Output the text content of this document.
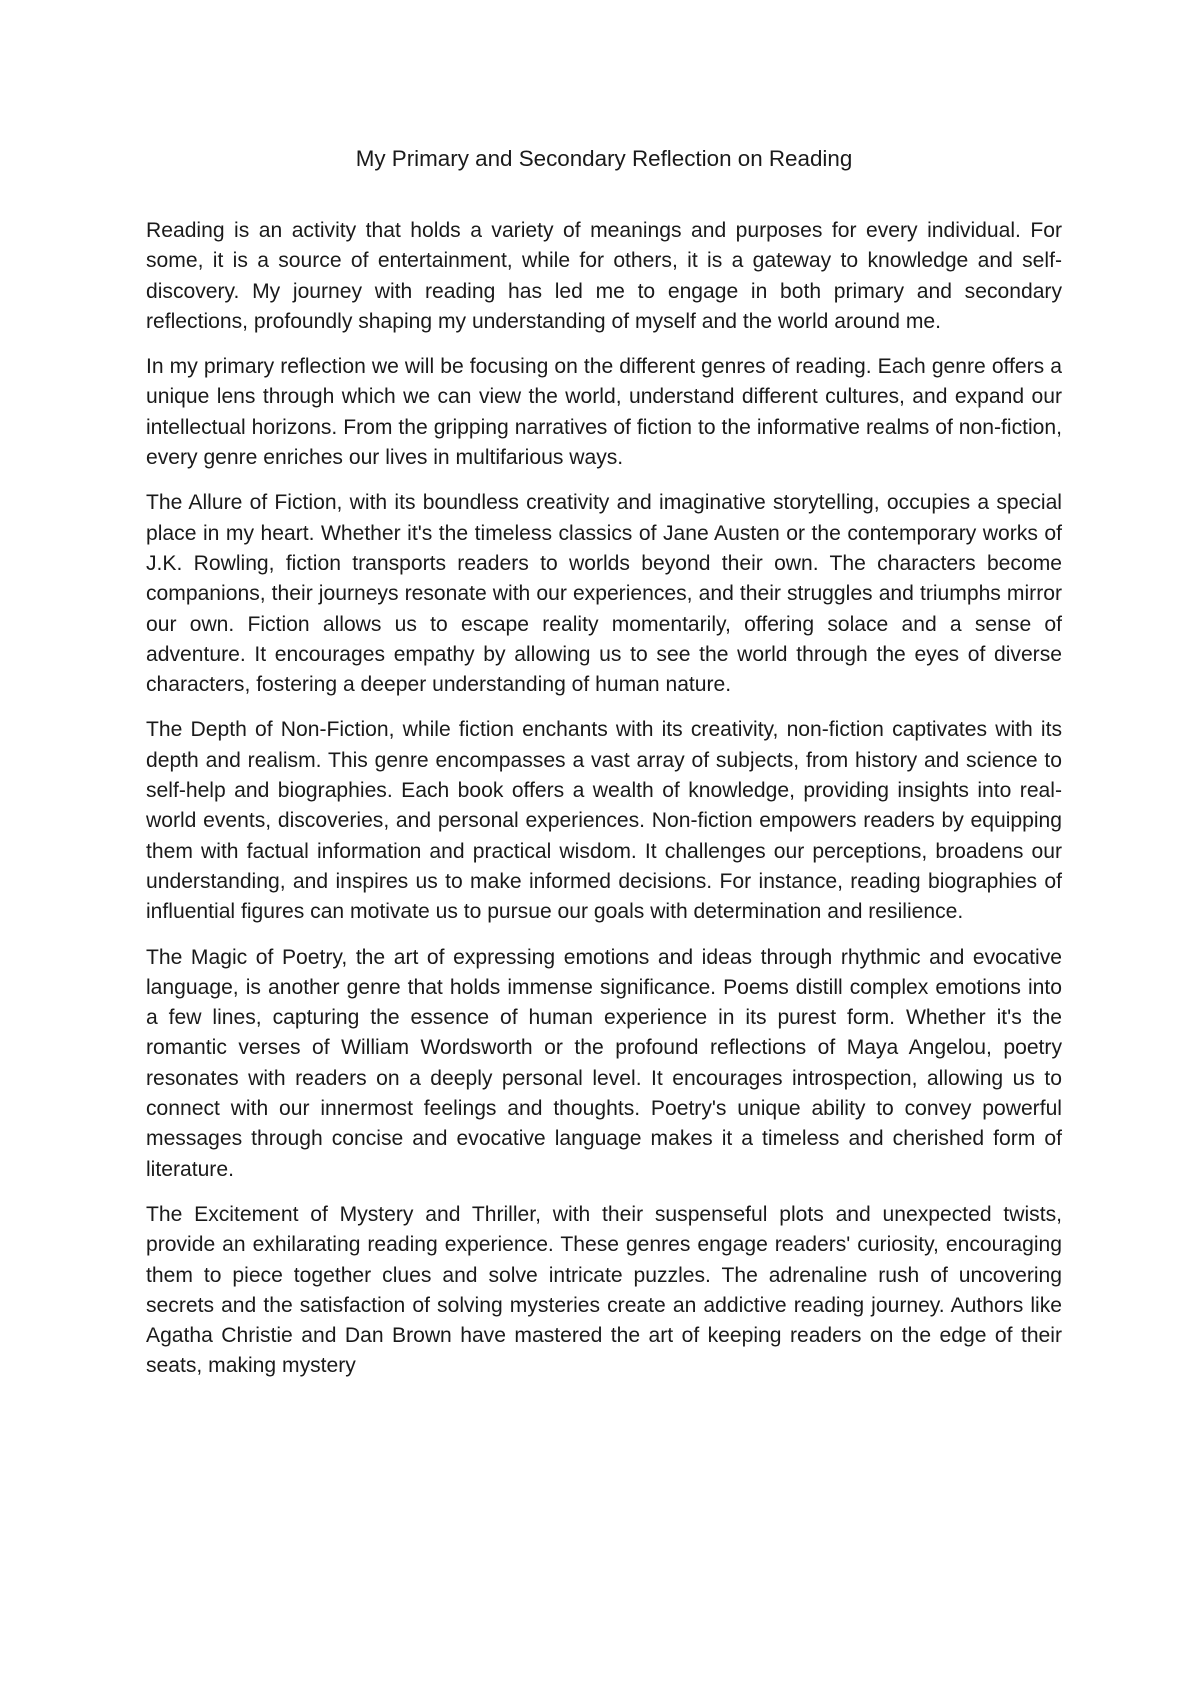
My Primary and Secondary Reflection on Reading

Reading is an activity that holds a variety of meanings and purposes for every individual. For some, it is a source of entertainment, while for others, it is a gateway to knowledge and self-discovery. My journey with reading has led me to engage in both primary and secondary reflections, profoundly shaping my understanding of myself and the world around me.

In my primary reflection we will be focusing on the different genres of reading. Each genre offers a unique lens through which we can view the world, understand different cultures, and expand our intellectual horizons. From the gripping narratives of fiction to the informative realms of non-fiction, every genre enriches our lives in multifarious ways.

The Allure of Fiction, with its boundless creativity and imaginative storytelling, occupies a special place in my heart. Whether it's the timeless classics of Jane Austen or the contemporary works of J.K. Rowling, fiction transports readers to worlds beyond their own. The characters become companions, their journeys resonate with our experiences, and their struggles and triumphs mirror our own. Fiction allows us to escape reality momentarily, offering solace and a sense of adventure. It encourages empathy by allowing us to see the world through the eyes of diverse characters, fostering a deeper understanding of human nature.

The Depth of Non-Fiction, while fiction enchants with its creativity, non-fiction captivates with its depth and realism. This genre encompasses a vast array of subjects, from history and science to self-help and biographies. Each book offers a wealth of knowledge, providing insights into real-world events, discoveries, and personal experiences. Non-fiction empowers readers by equipping them with factual information and practical wisdom. It challenges our perceptions, broadens our understanding, and inspires us to make informed decisions. For instance, reading biographies of influential figures can motivate us to pursue our goals with determination and resilience.

The Magic of Poetry, the art of expressing emotions and ideas through rhythmic and evocative language, is another genre that holds immense significance. Poems distill complex emotions into a few lines, capturing the essence of human experience in its purest form. Whether it's the romantic verses of William Wordsworth or the profound reflections of Maya Angelou, poetry resonates with readers on a deeply personal level. It encourages introspection, allowing us to connect with our innermost feelings and thoughts. Poetry's unique ability to convey powerful messages through concise and evocative language makes it a timeless and cherished form of literature.

The Excitement of Mystery and Thriller, with their suspenseful plots and unexpected twists, provide an exhilarating reading experience. These genres engage readers' curiosity, encouraging them to piece together clues and solve intricate puzzles. The adrenaline rush of uncovering secrets and the satisfaction of solving mysteries create an addictive reading journey. Authors like Agatha Christie and Dan Brown have mastered the art of keeping readers on the edge of their seats, making mystery
